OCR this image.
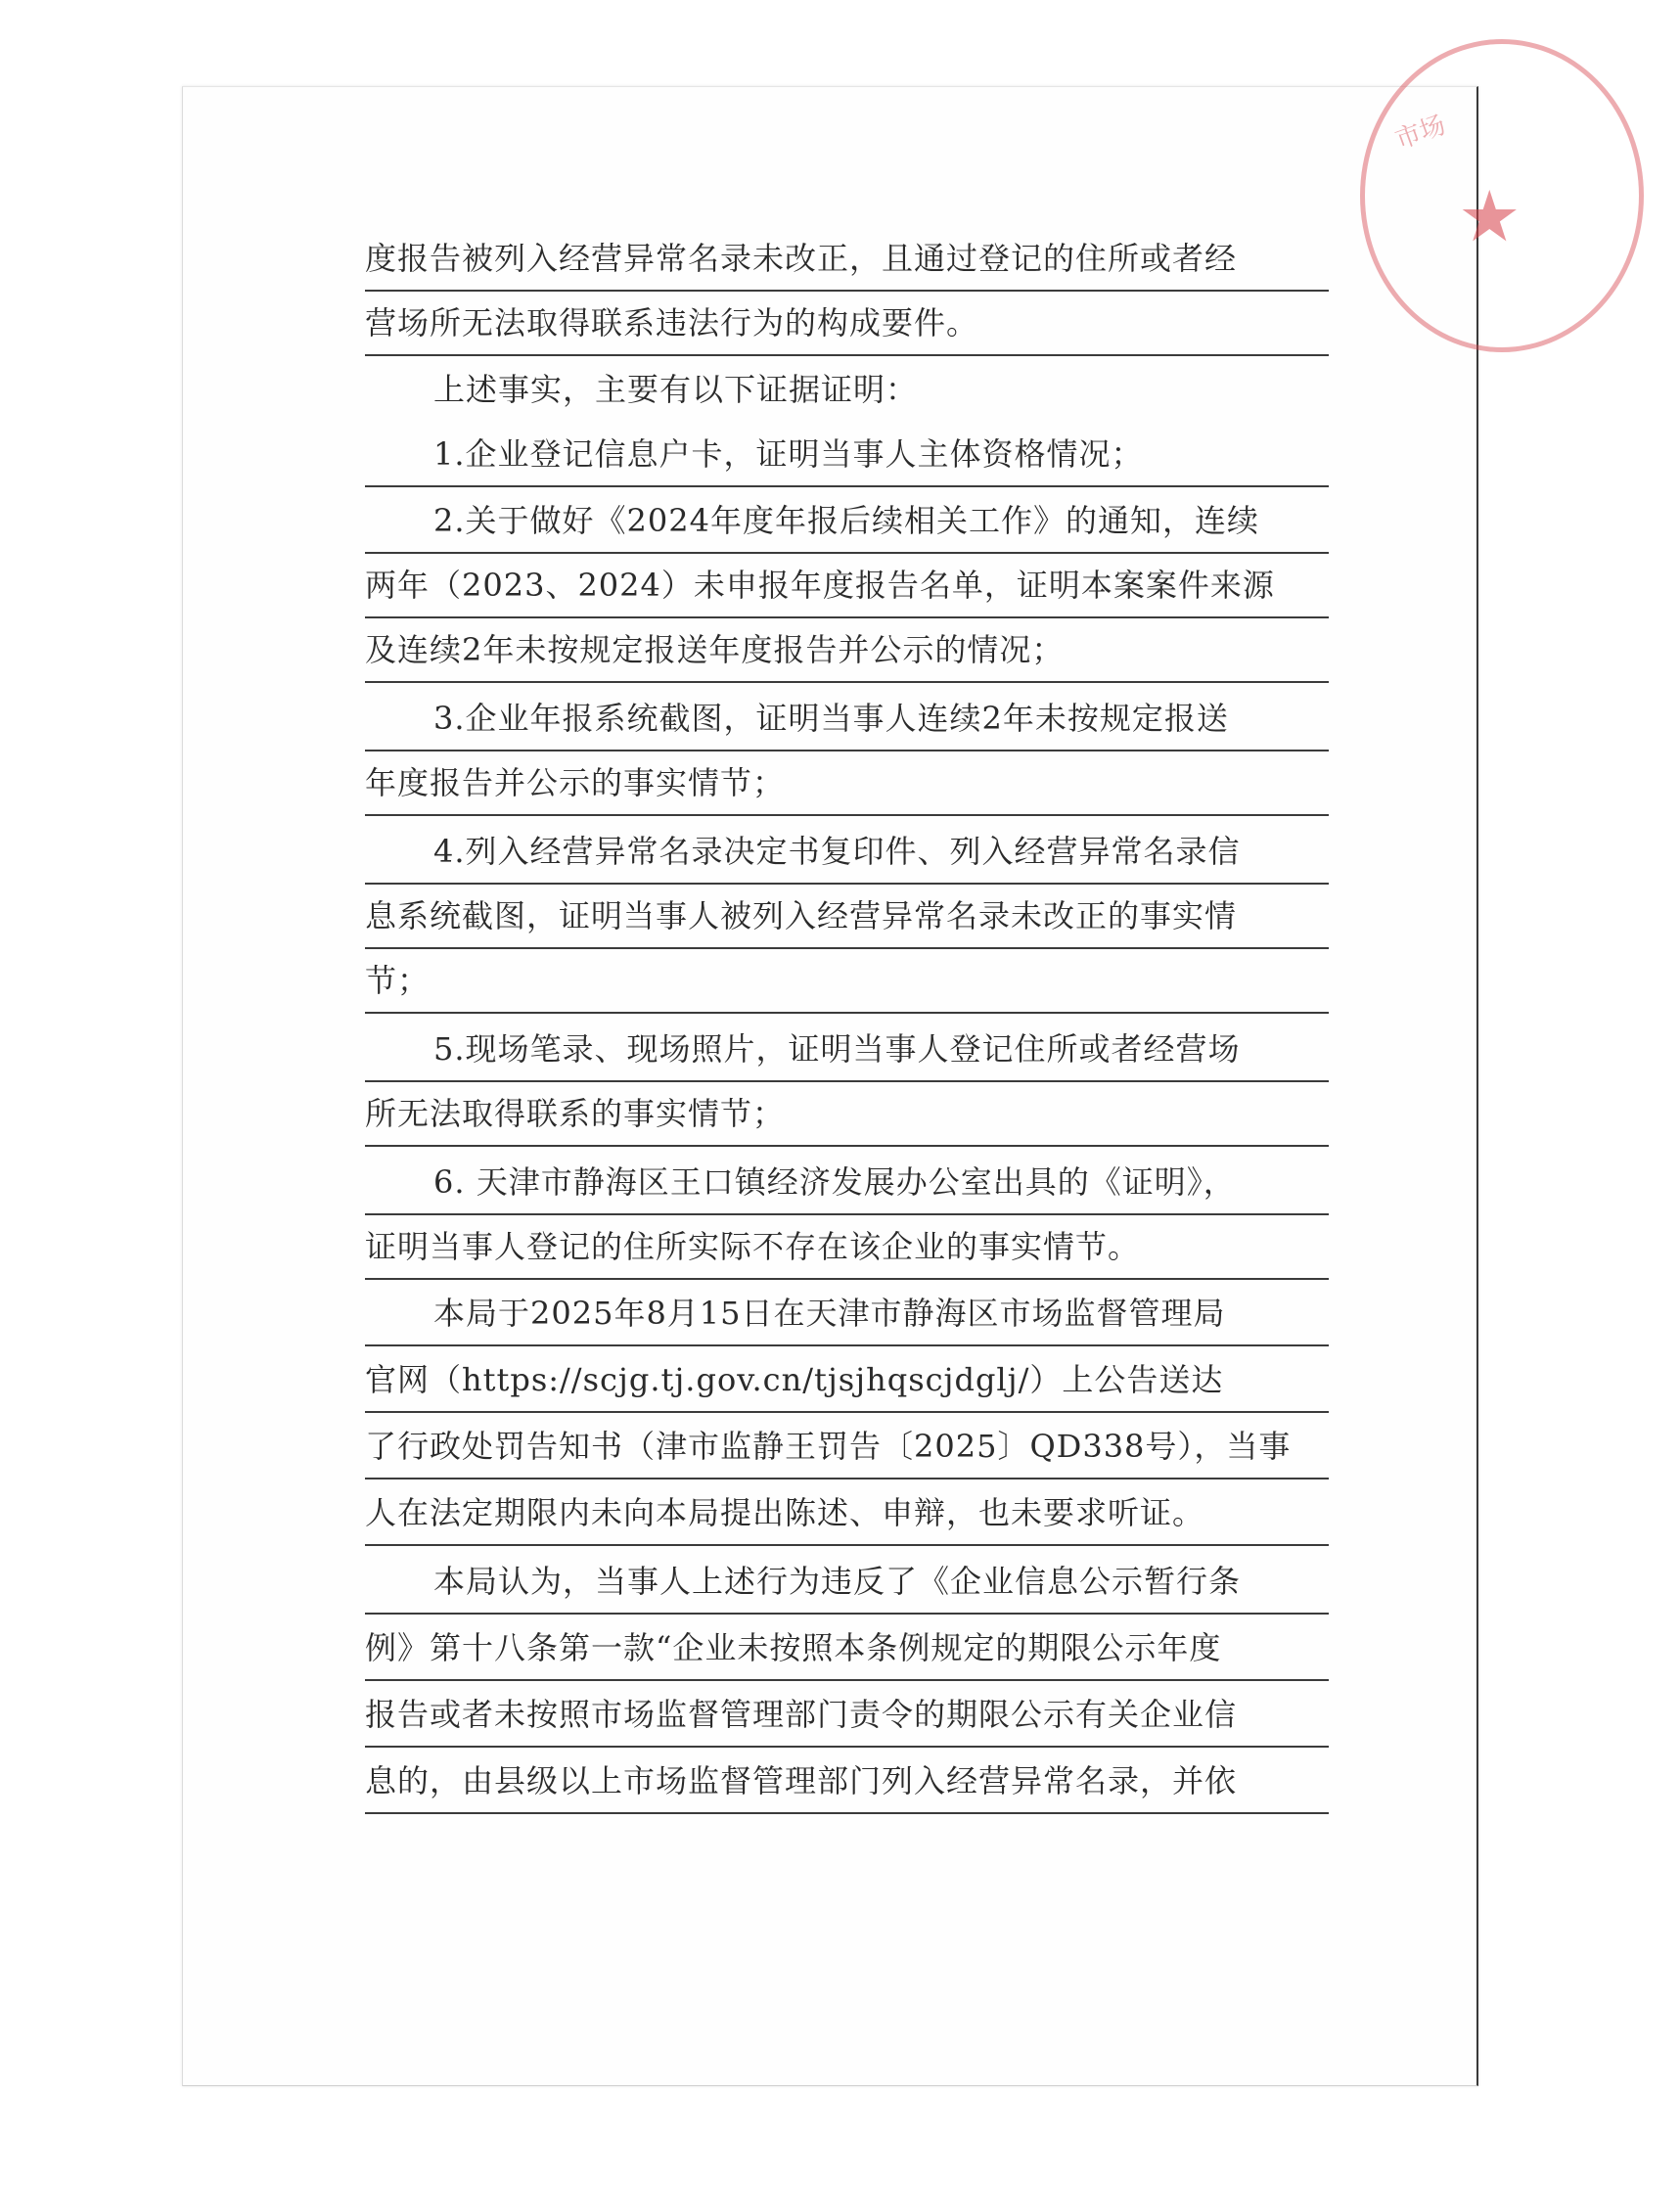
市场
★
度报告被列入经营异常名录未改正，且通过登记的住所或者经
营场所无法取得联系违法行为的构成要件。
上述事实，主要有以下证据证明：
1.企业登记信息户卡，证明当事人主体资格情况；
2.关于做好《2024年度年报后续相关工作》的通知，连续
两年（2023、2024）未申报年度报告名单，证明本案案件来源
及连续2年未按规定报送年度报告并公示的情况；
3.企业年报系统截图，证明当事人连续2年未按规定报送
年度报告并公示的事实情节；
4.列入经营异常名录决定书复印件、列入经营异常名录信
息系统截图，证明当事人被列入经营异常名录未改正的事实情
节；
5.现场笔录、现场照片，证明当事人登记住所或者经营场
所无法取得联系的事实情节；
6. 天津市静海区王口镇经济发展办公室出具的《证明》，
证明当事人登记的住所实际不存在该企业的事实情节。
本局于2025年8月15日在天津市静海区市场监督管理局
官网（https://scjg.tj.gov.cn/tjsjhqscjdglj/）上公告送达
了行政处罚告知书（津市监静王罚告〔2025〕QD338号），当事
人在法定期限内未向本局提出陈述、申辩，也未要求听证。
本局认为，当事人上述行为违反了《企业信息公示暂行条
例》第十八条第一款“企业未按照本条例规定的期限公示年度
报告或者未按照市场监督管理部门责令的期限公示有关企业信
息的，由县级以上市场监督管理部门列入经营异常名录，并依
